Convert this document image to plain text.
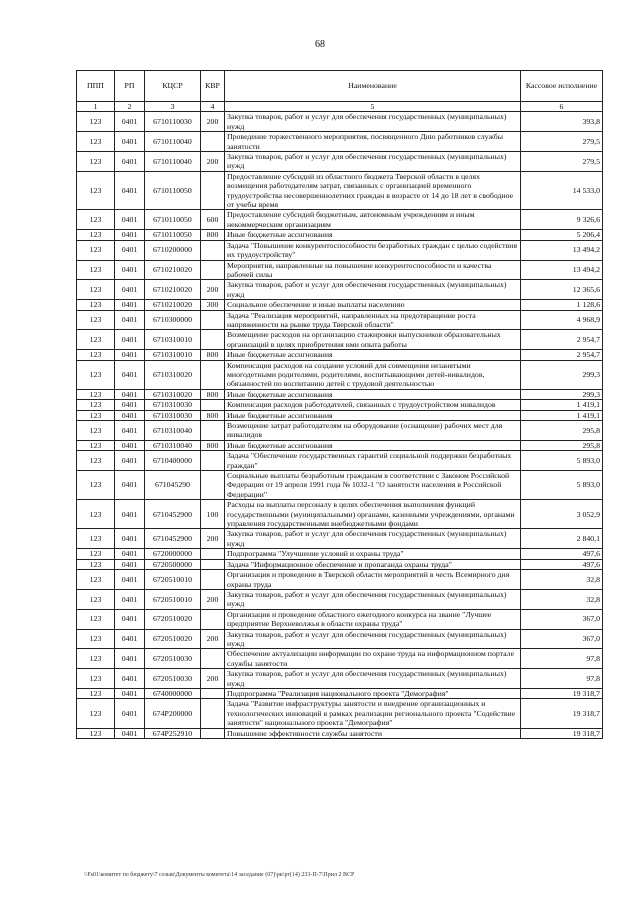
68
ППП	РП	КЦСР	КВР	Наименование	Кассовое исполнение
1	2	3	4	5	6
123	0401	6710110030	200	Закупка товаров, работ и услуг для обеспечения государственных (муниципальных) нужд	393,8
123	0401	6710110040		Проведение торжественного мероприятия, посвященного Дню работников службы занятости	279,5
123	0401	6710110040	200	Закупка товаров, работ и услуг для обеспечения государственных (муниципальных) нужд	279,5
123	0401	6710110050		Предоставление субсидий из областного бюджета Тверской области в целях возмещения работодателям затрат, связанных с организацией временного трудоустройства несовершеннолетних граждан в возрасте от 14 до 18 лет в свободное от учебы время	14 533,0
123	0401	6710110050	600	Предоставление субсидий бюджетным, автономным учреждениям и иным некоммерческим организациям	9 326,6
123	0401	6710110050	800	Иные бюджетные ассигнования	5 206,4
123	0401	6710200000		Задача "Повышение конкурентоспособности безработных граждан с целью содействия их трудоустройству"	13 494,2
123	0401	6710210020		Мероприятия, направленные на повышение конкурентоспособности и качества рабочей силы	13 494,2
123	0401	6710210020	200	Закупка товаров, работ и услуг для обеспечения государственных (муниципальных) нужд	12 365,6
123	0401	6710210020	300	Социальное обеспечение и иные выплаты населению	1 128,6
123	0401	6710300000		Задача "Реализация мероприятий, направленных на предотвращение роста напряженности на рынке труда Тверской области"	4 968,9
123	0401	6710310010		Возмещение расходов на организацию стажировки выпускников образовательных организаций в целях приобретения ими опыта работы	2 954,7
123	0401	6710310010	800	Иные бюджетные ассигнования	2 954,7
123	0401	6710310020		Компенсация расходов на создание условий для совмещения незанятыми многодетными родителями, родителями, воспитывающими детей-инвалидов, обязанностей по воспитанию детей с трудовой деятельностью	299,3
123	0401	6710310020	800	Иные бюджетные ассигнования	299,3
123	0401	6710310030		Компенсация расходов работодателей, связанных с трудоустройством инвалидов	1 419,1
123	0401	6710310030	800	Иные бюджетные ассигнования	1 419,1
123	0401	6710310040		Возмещение затрат работодателям на оборудование (оснащение) рабочих мест для инвалидов	295,8
123	0401	6710310040	800	Иные бюджетные ассигнования	295,8
123	0401	6710400000		Задача "Обеспечение государственных гарантий социальной поддержки безработных граждан"	5 893,0
123	0401	671045290		Социальные выплаты безработным гражданам в соответствии с Законом Российской Федерации от 19 апреля 1991 года № 1032-1 "О занятости населения в Российской Федерации"	5 893,0
123	0401	6710452900	100	Расходы на выплаты персоналу в целях обеспечения выполнения функций государственными (муниципальными) органами, казенными учреждениями, органами управления государственными внебюджетными фондами	3 052,9
123	0401	6710452900	200	Закупка товаров, работ и услуг для обеспечения государственных (муниципальных) нужд	2 840,1
123	0401	6720000000		Подпрограмма "Улучшение условий и охраны труда"	497,6
123	0401	6720500000		Задача "Информационное обеспечение и пропаганда охраны труда"	497,6
123	0401	6720510010		Организация и проведение в Тверской области мероприятий в честь Всемирного дня охраны труда	32,8
123	0401	6720510010	200	Закупка товаров, работ и услуг для обеспечения государственных (муниципальных) нужд	32,8
123	0401	6720510020		Организация и проведение областного ежегодного конкурса на звание "Лучшее предприятие Верхневолжья в области охраны труда"	367,0
123	0401	6720510020	200	Закупка товаров, работ и услуг для обеспечения государственных (муниципальных) нужд	367,0
123	0401	6720510030		Обеспечение актуализации информации по охране труда на информационном портале службы занятости	97,8
123	0401	6720510030	200	Закупка товаров, работ и услуг для обеспечения государственных (муниципальных) нужд	97,8
123	0401	6740000000		Подпрограмма "Реализация национального проекта "Демография"	19 318,7
123	0401	674P200000		Задача "Развитие инфраструктуры занятости и внедрение организационных и технологических инноваций в рамках реализации регионального проекта "Содействие занятости" национального проекта "Демография"	19 318,7
123	0401	674P252910		Повышение эффективности службы занятости	19 318,7
\\Fs01\комитет по бюджету\7 созыв\Документы комитета\14 заседание (07)\рк\рг(14) 233-П-7\Прил 2 ВСР
